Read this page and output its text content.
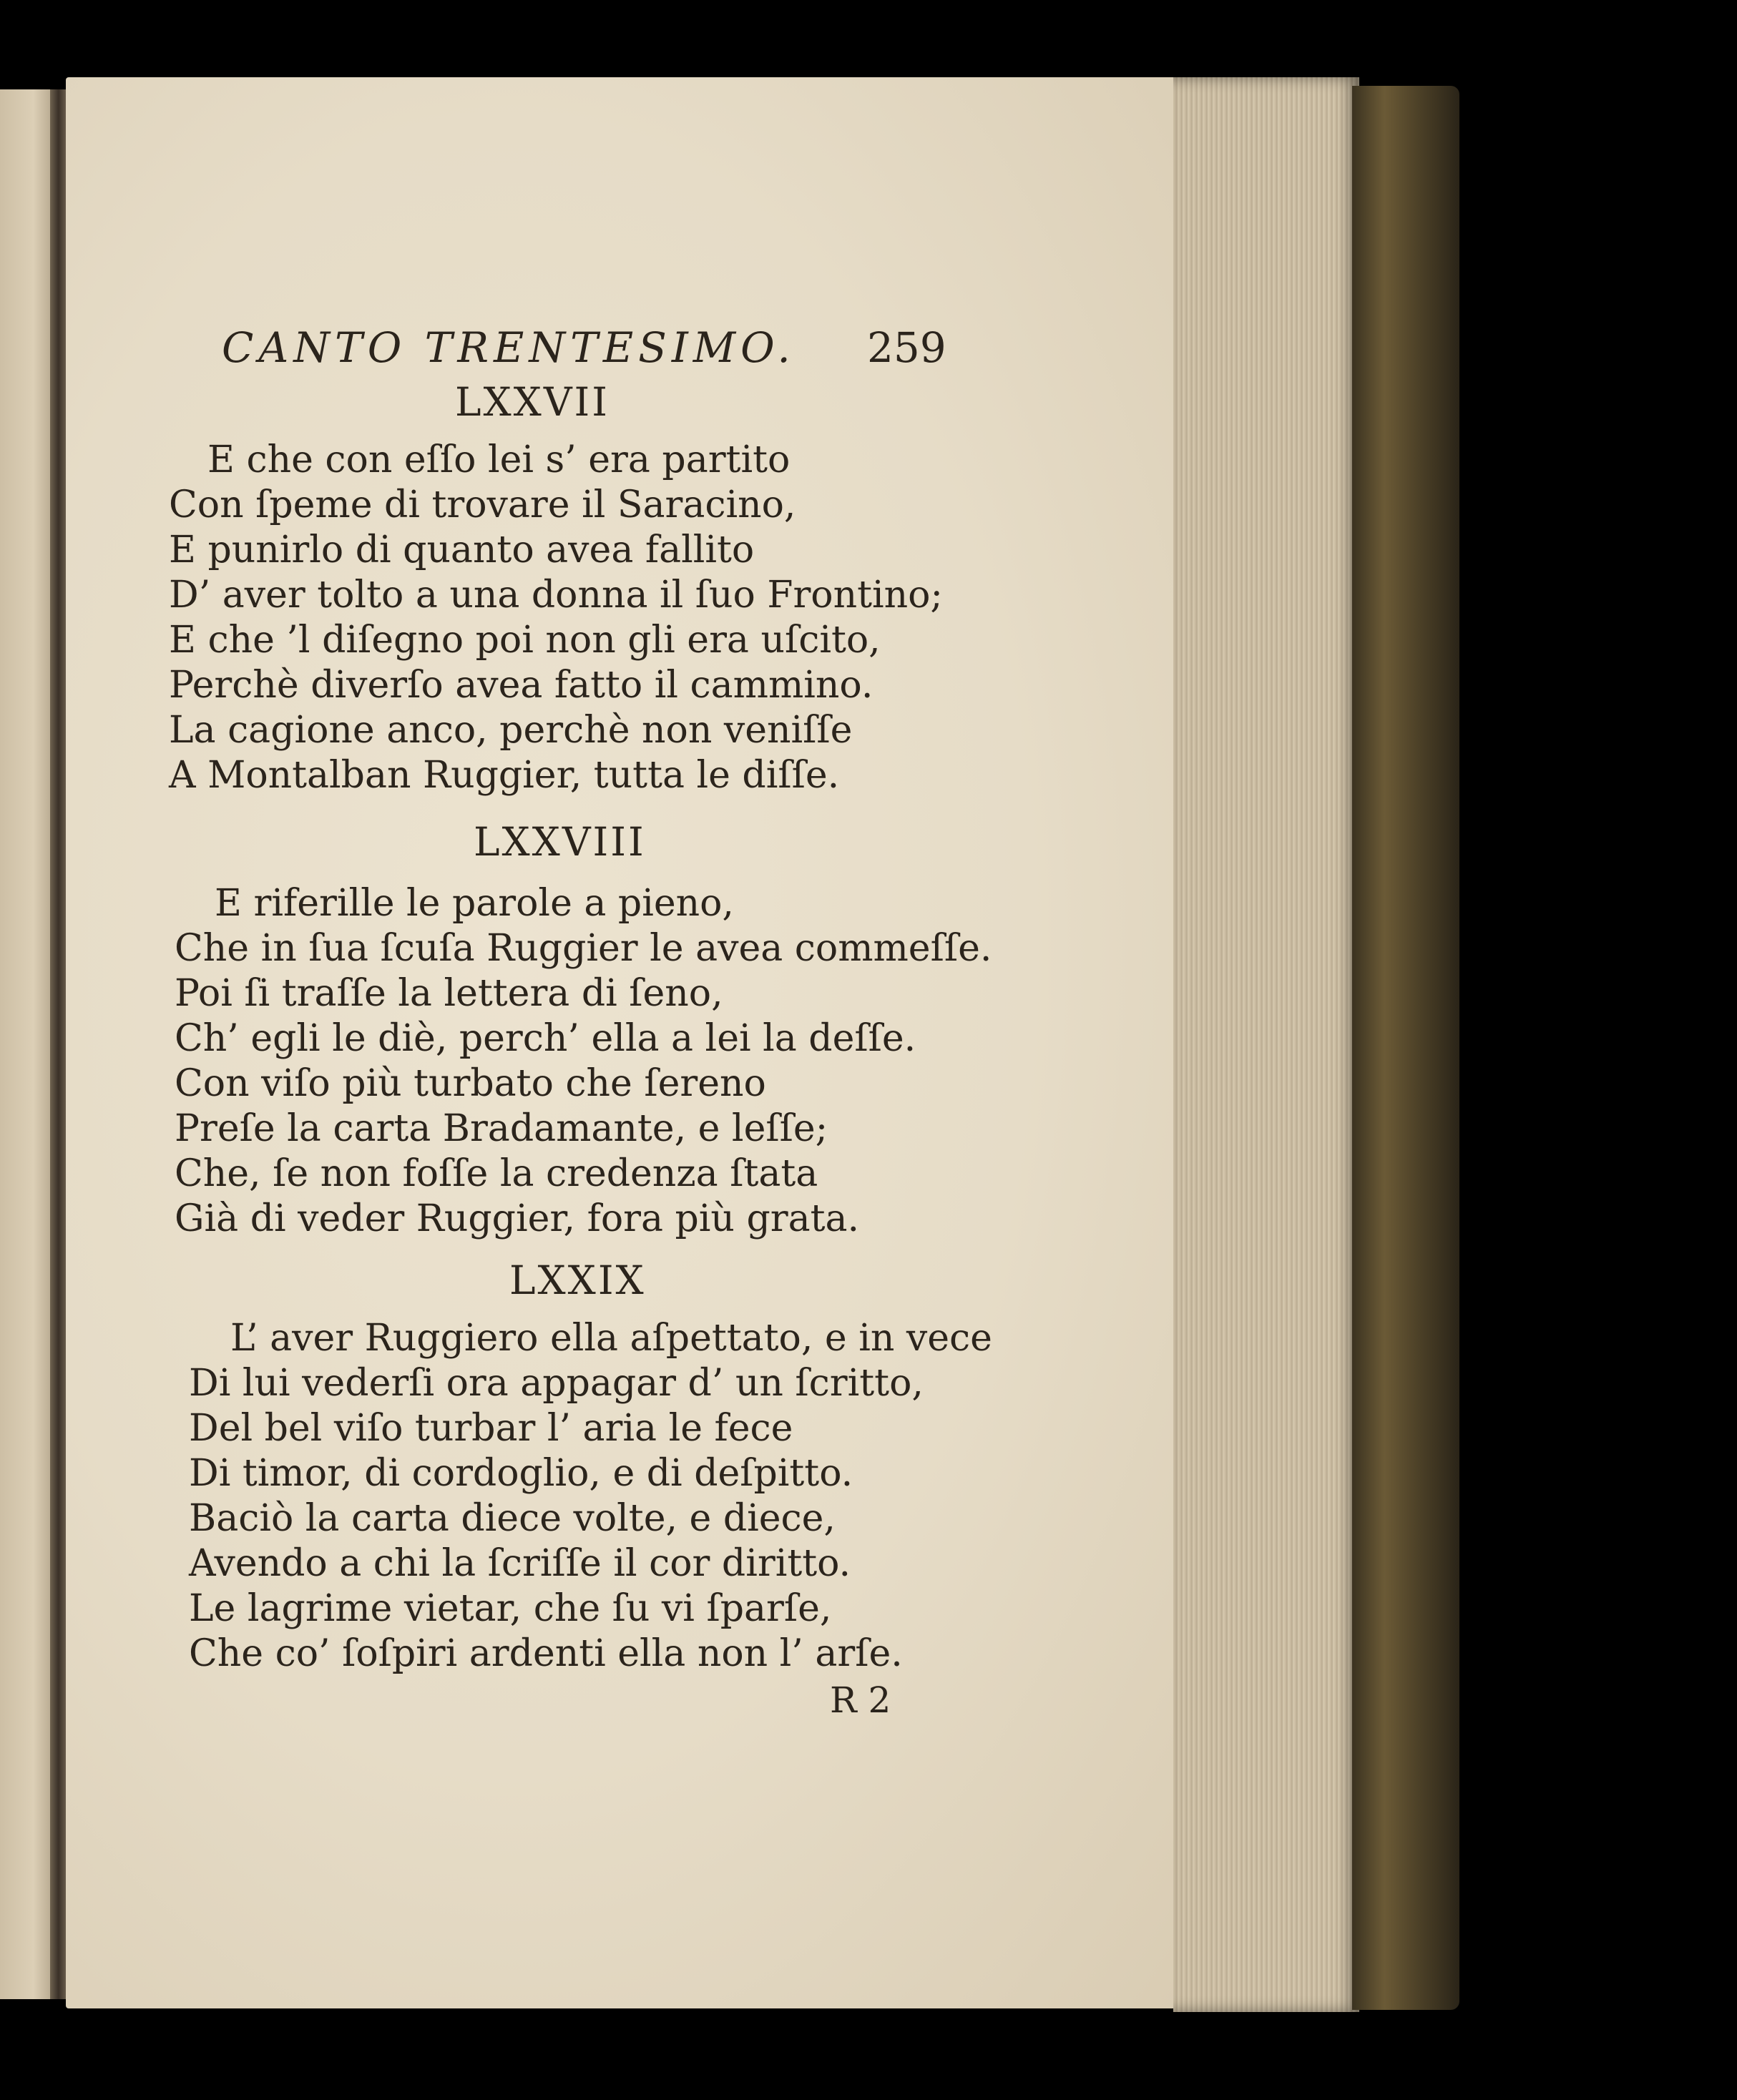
CANTO TRENTESIMO. 259
LXXVII
E che con eſſo lei s’ era partito
Con ſpeme di trovare il Saracino,
E punirlo di quanto avea fallito
D’ aver tolto a una donna il ſuo Frontino;
E che ’l diſegno poi non gli era uſcito,
Perchè diverſo avea fatto il cammino.
La cagione anco, perchè non veniſſe
A Montalban Ruggier, tutta le diſſe.
LXXVIII
E riferille le parole a pieno,
Che in ſua ſcuſa Ruggier le avea commeſſe.
Poi ſi traſſe la lettera di ſeno,
Ch’ egli le diè, perch’ ella a lei la deſſe.
Con viſo più turbato che ſereno
Preſe la carta Bradamante, e leſſe;
Che, ſe non foſſe la credenza ſtata
Già di veder Ruggier, fora più grata.
LXXIX
L’ aver Ruggiero ella aſpettato, e in vece
Di lui vederſi ora appagar d’ un ſcritto,
Del bel viſo turbar l’ aria le fece
Di timor, di cordoglio, e di deſpitto.
Baciò la carta diece volte, e diece,
Avendo a chi la ſcriſſe il cor diritto.
Le lagrime vietar, che ſu vi ſparſe,
Che co’ ſoſpiri ardenti ella non l’ arſe.
R 2
